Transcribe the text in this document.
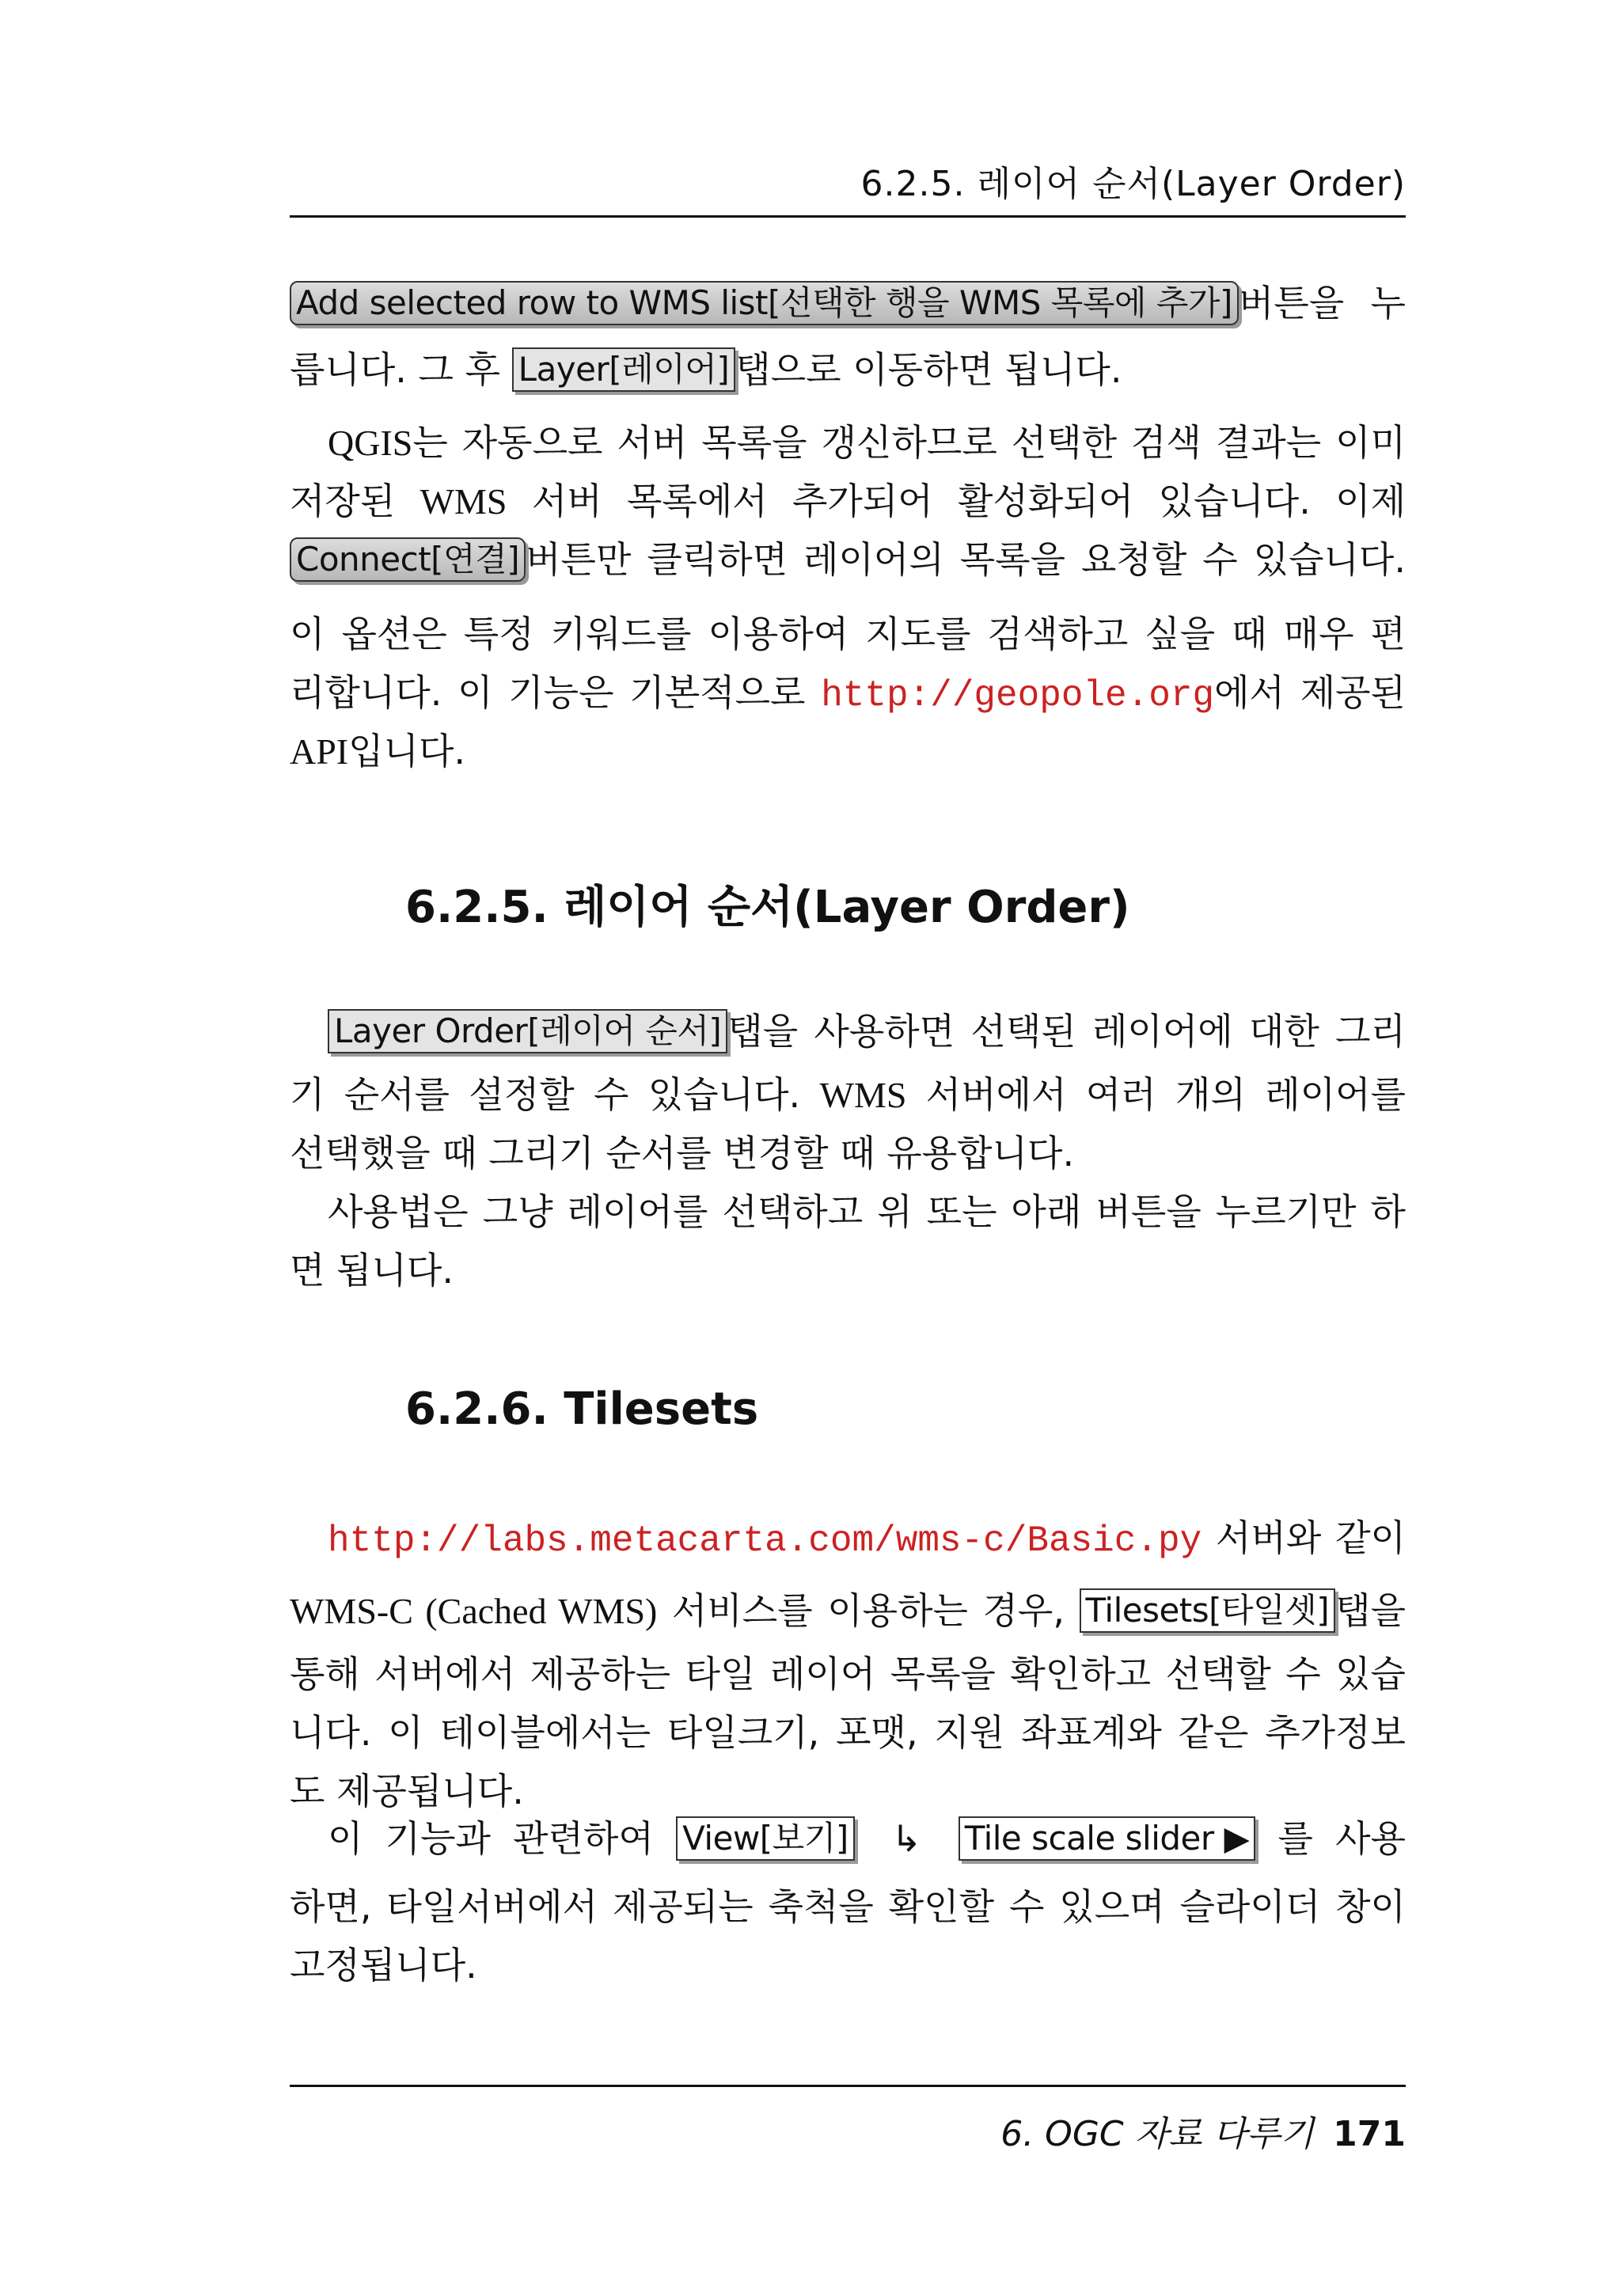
6.2.5. 레이어 순서(Layer Order)
Add selected row to WMS list[선택한 행을 WMS 목록에 추가] 버튼을 누
릅니다. 그 후 Layer[레이어] 탭으로 이동하면 됩니다.
QGIS는 자동으로 서버 목록을 갱신하므로 선택한 검색 결과는 이미
저장된 WMS 서버 목록에서 추가되어 활성화되어 있습니다. 이제
Connect[연결] 버튼만 클릭하면 레이어의 목록을 요청할 수 있습니다.
이 옵션은 특정 키워드를 이용하여 지도를 검색하고 싶을 때 매우 편
리합니다. 이 기능은 기본적으로 http://geopole.org에서 제공된
API입니다.
6.2.5. 레이어 순서(Layer Order)
Layer Order[레이어 순서] 탭을 사용하면 선택된 레이어에 대한 그리
기 순서를 설정할 수 있습니다. WMS 서버에서 여러 개의 레이어를
선택했을 때 그리기 순서를 변경할 때 유용합니다.
사용법은 그냥 레이어를 선택하고 위 또는 아래 버튼을 누르기만 하
면 됩니다.
6.2.6. Tilesets
http://labs.metacarta.com/wms-c/Basic.py 서버와 같이
WMS-C (Cached WMS) 서비스를 이용하는 경우, Tilesets[타일셋] 탭을
통해 서버에서 제공하는 타일 레이어 목록을 확인하고 선택할 수 있습
니다. 이 테이블에서는 타일크기, 포맷, 지원 좌표계와 같은 추가정보
도 제공됩니다.
이 기능과 관련하여 View[보기] ↳ Tile scale slider ▶ 를 사용
하면, 타일서버에서 제공되는 축척을 확인할 수 있으며 슬라이더 창이
고정됩니다.
6. OGC 자료 다루기 171
